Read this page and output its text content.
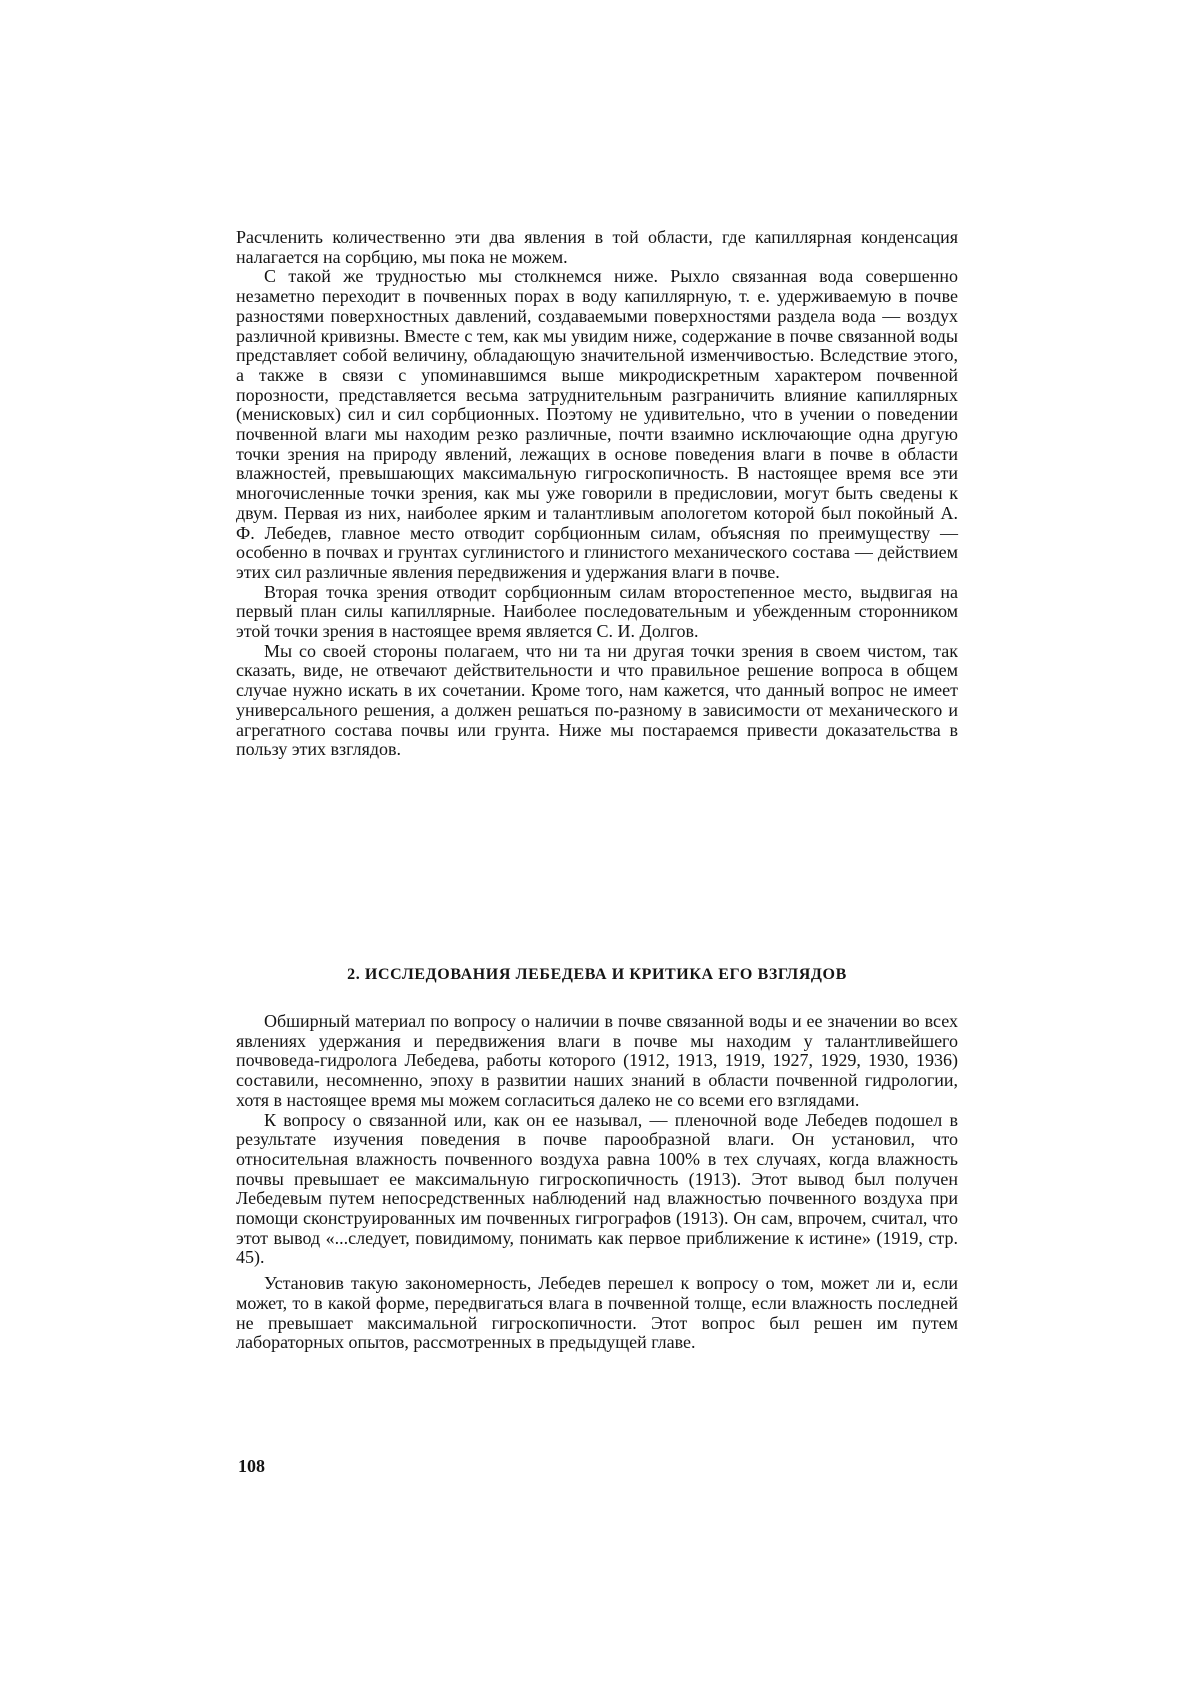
Расчленить количественно эти два явления в той области, где капиллярная конденсация налагается на сорбцию, мы пока не можем.

С такой же трудностью мы столкнемся ниже. Рыхло связанная вода совершенно незаметно переходит в почвенных порах в воду капиллярную, т. е. удерживаемую в почве разностями поверхностных давлений, создаваемыми поверхностями раздела вода — воздух различной кривизны. Вместе с тем, как мы увидим ниже, содержание в почве связанной воды представляет собой величину, обладающую значительной изменчивостью. Вследствие этого, а также в связи с упоминавшимся выше микродискретным характером почвенной порозности, представляется весьма затруднительным разграничить влияние капиллярных (менисковых) сил и сил сорбционных. Поэтому не удивительно, что в учении о поведении почвенной влаги мы находим резко различные, почти взаимно исключающие одна другую точки зрения на природу явлений, лежащих в основе поведения влаги в почве в области влажностей, превышающих максимальную гигроскопичность. В настоящее время все эти многочисленные точки зрения, как мы уже говорили в предисловии, могут быть сведены к двум. Первая из них, наиболее ярким и талантливым апологетом которой был покойный А. Ф. Лебедев, главное место отводит сорбционным силам, объясняя по преимуществу — особенно в почвах и грунтах суглинистого и глинистого механического состава — действием этих сил различные явления передвижения и удержания влаги в почве.

Вторая точка зрения отводит сорбционным силам второстепенное место, выдвигая на первый план силы капиллярные. Наиболее последовательным и убежденным сторонником этой точки зрения в настоящее время является С. И. Долгов.

Мы со своей стороны полагаем, что ни та ни другая точки зрения в своем чистом, так сказать, виде, не отвечают действительности и что правильное решение вопроса в общем случае нужно искать в их сочетании. Кроме того, нам кажется, что данный вопрос не имеет универсального решения, а должен решаться по-разному в зависимости от механического и агрегатного состава почвы или грунта. Ниже мы постараемся привести доказательства в пользу этих взглядов.

2. ИССЛЕДОВАНИЯ ЛЕБЕДЕВА И КРИТИКА ЕГО ВЗГЛЯДОВ

Обширный материал по вопросу о наличии в почве связанной воды и ее значении во всех явлениях удержания и передвижения влаги в почве мы находим у талантливейшего почвоведа-гидролога Лебедева, работы которого (1912, 1913, 1919, 1927, 1929, 1930, 1936) составили, несомненно, эпоху в развитии наших знаний в области почвенной гидрологии, хотя в настоящее время мы можем согласиться далеко не со всеми его взглядами.

К вопросу о связанной или, как он ее называл, — пленочной воде Лебедев подошел в результате изучения поведения в почве парообразной влаги. Он установил, что относительная влажность почвенного воздуха равна 100% в тех случаях, когда влажность почвы превышает ее максимальную гигроскопичность (1913). Этот вывод был получен Лебедевым путем непосредственных наблюдений над влажностью почвенного воздуха при помощи сконструированных им почвенных гигрографов (1913). Он сам, впрочем, считал, что этот вывод «...следует, повидимому, понимать как первое приближение к истине» (1919, стр. 45).

Установив такую закономерность, Лебедев перешел к вопросу о том, может ли и, если может, то в какой форме, передвигаться влага в почвенной толще, если влажность последней не превышает максимальной гигроскопичности. Этот вопрос был решен им путем лабораторных опытов, рассмотренных в предыдущей главе.

108
